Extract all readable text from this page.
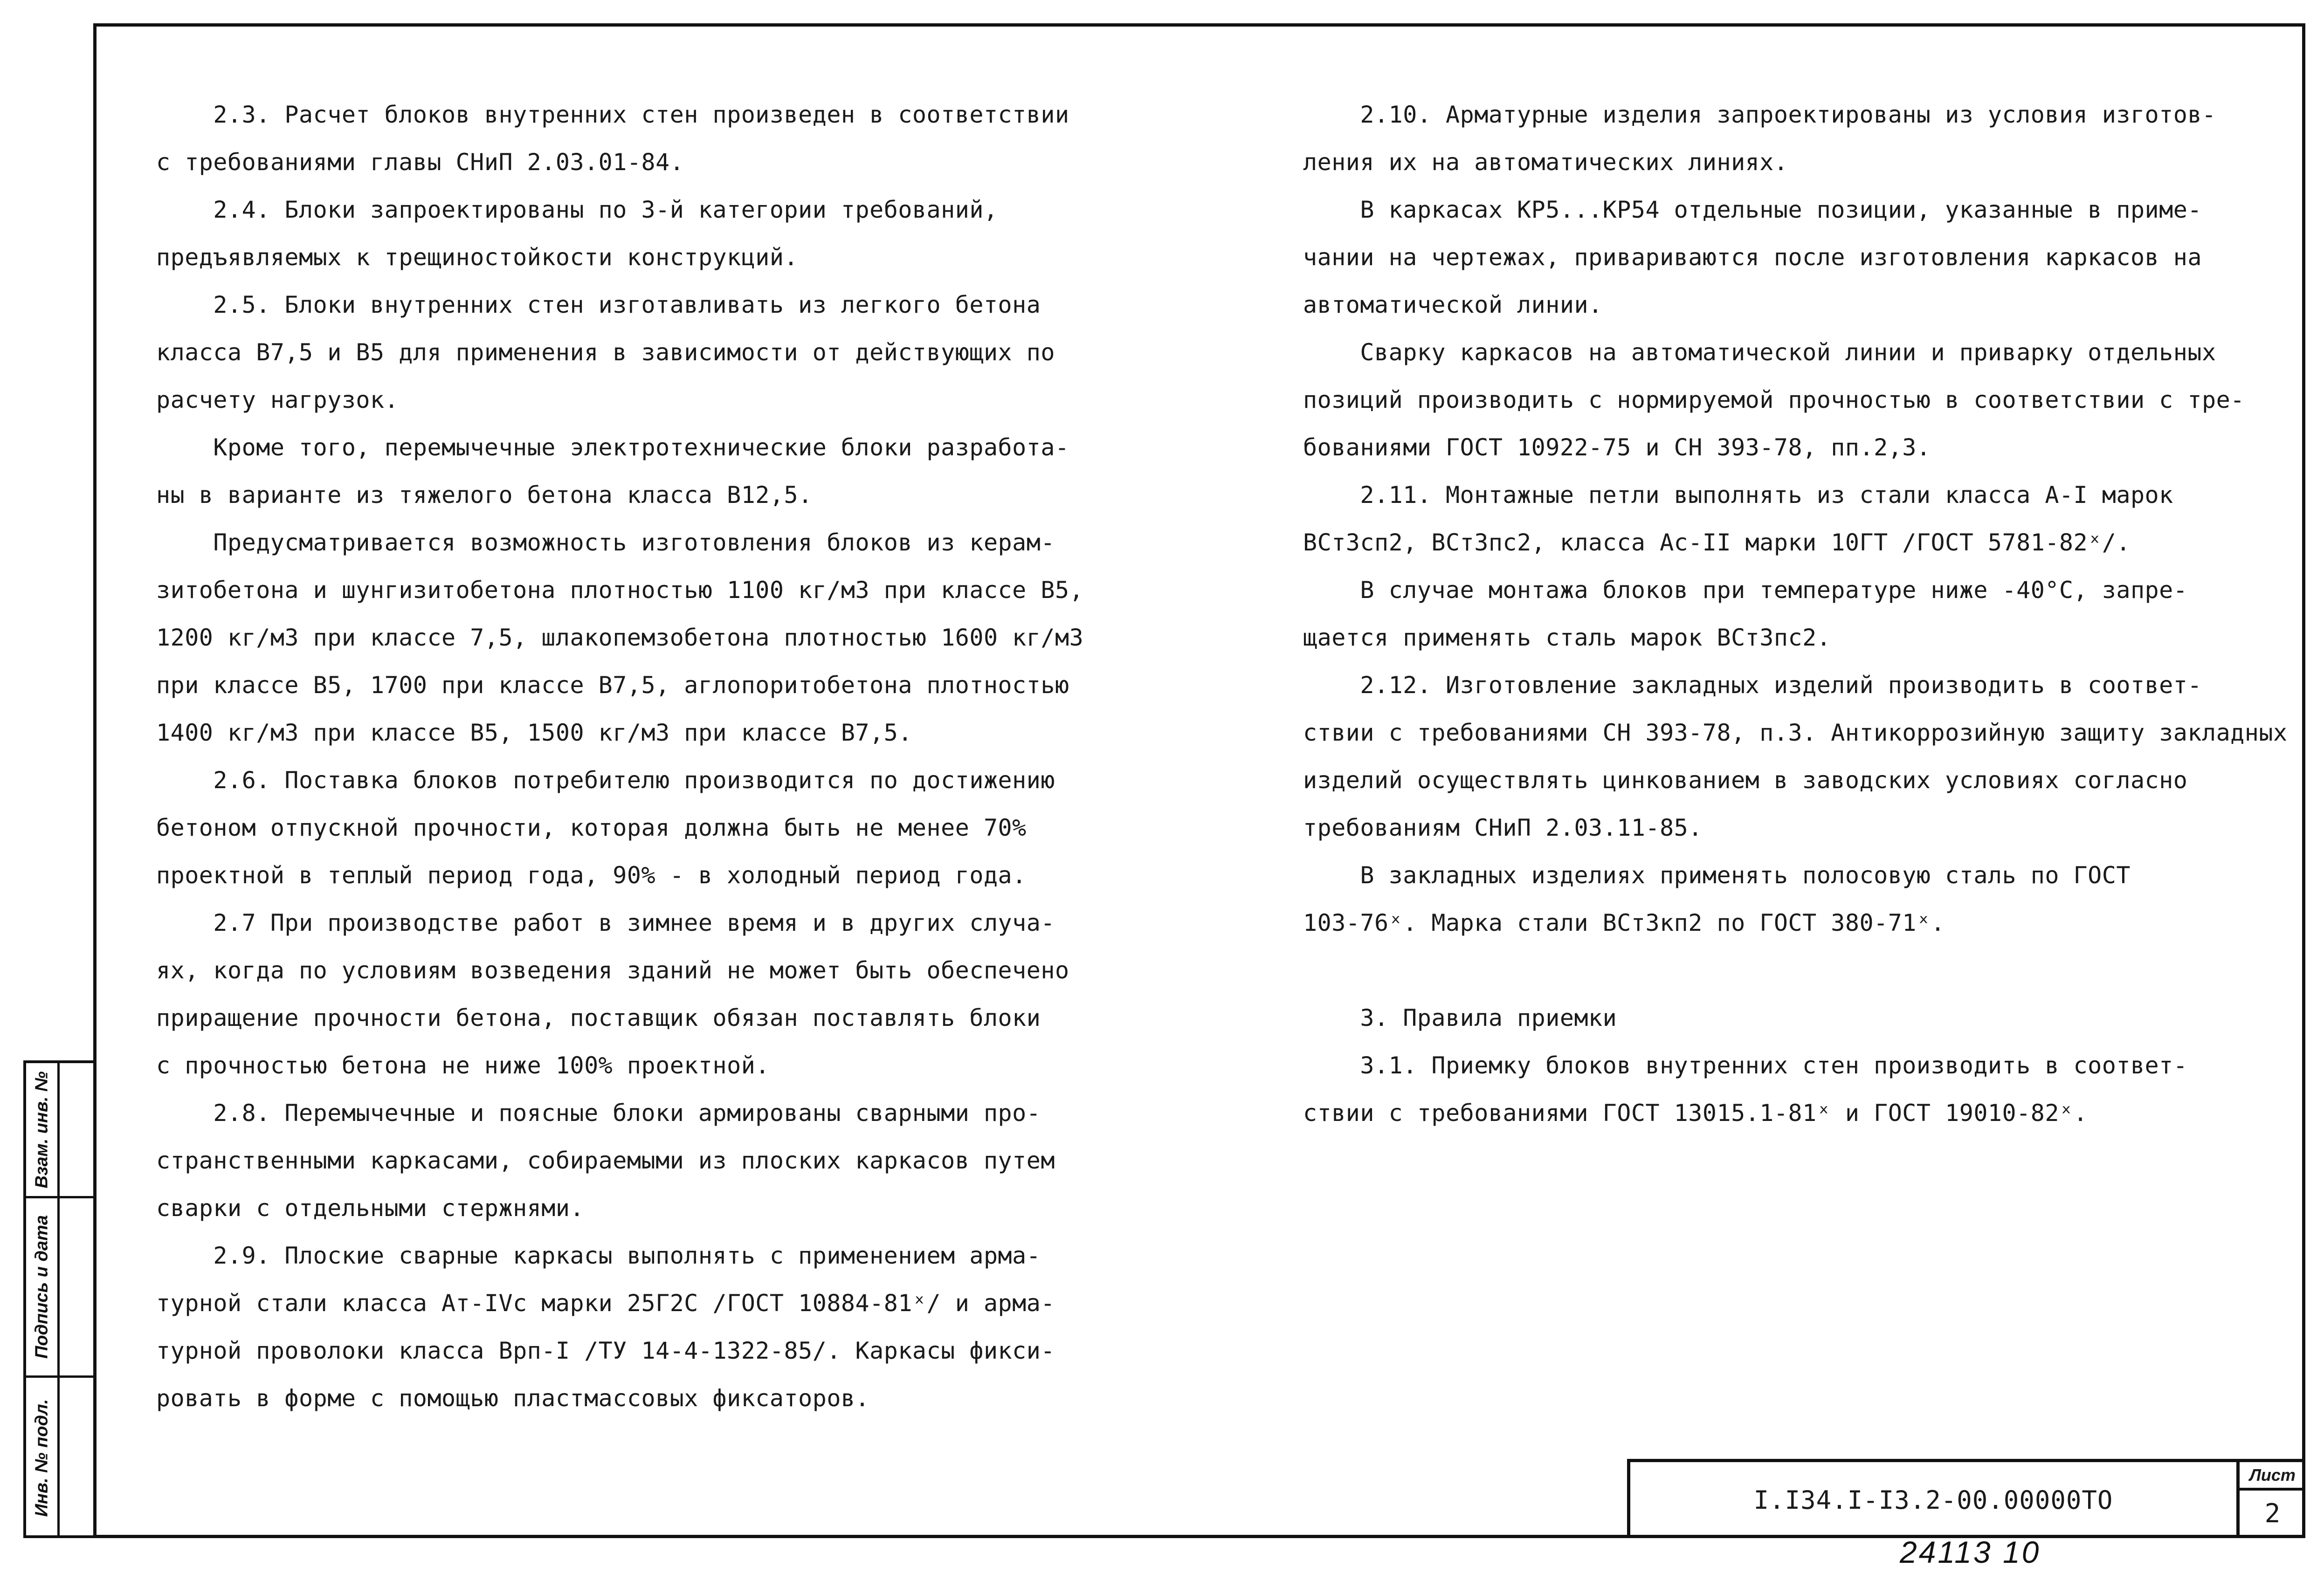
2.3. Расчет блоков внутренних стен произведен в соответствии
с требованиями главы СНиП 2.03.01-84.
2.4. Блоки запроектированы по 3-й категории требований,
предъявляемых к трещиностойкости конструкций.
2.5. Блоки внутренних стен изготавливать из легкого бетона
класса В7,5 и В5 для применения в зависимости от действующих по
расчету нагрузок.
Кроме того, перемычечные электротехнические блоки разработа-
ны в варианте из тяжелого бетона класса В12,5.
Предусматривается возможность изготовления блоков из керам-
зитобетона и шунгизитобетона плотностью 1100 кг/м3 при классе В5,
1200 кг/м3 при классе 7,5, шлакопемзобетона плотностью 1600 кг/м3
при классе В5, 1700 при классе В7,5, аглопоритобетона плотностью
1400 кг/м3 при классе В5, 1500 кг/м3 при классе В7,5.
2.6. Поставка блоков потребителю производится по достижению
бетоном отпускной прочности, которая должна быть не менее 70%
проектной в теплый период года, 90% - в холодный период года.
2.7 При производстве работ в зимнее время и в других случа-
ях, когда по условиям возведения зданий не может быть обеспечено
приращение прочности бетона, поставщик обязан поставлять блоки
с прочностью бетона не ниже 100% проектной.
2.8. Перемычечные и поясные блоки армированы сварными про-
странственными каркасами, собираемыми из плоских каркасов путем
сварки с отдельными стержнями.
2.9. Плоские сварные каркасы выполнять с применением арма-
турной стали класса Ат-IVс марки 25Г2С /ГОСТ 10884-81ˣ/ и арма-
турной проволоки класса Врп-I /ТУ 14-4-1322-85/. Каркасы фикси-
ровать в форме с помощью пластмассовых фиксаторов.
2.10. Арматурные изделия запроектированы из условия изготов-
ления их на автоматических линиях.
В каркасах КР5...КР54 отдельные позиции, указанные в приме-
чании на чертежах, привариваются после изготовления каркасов на
автоматической линии.
Сварку каркасов на автоматической линии и приварку отдельных
позиций производить с нормируемой прочностью в соответствии с тре-
бованиями ГОСТ 10922-75 и СН 393-78, пп.2,3.
2.11. Монтажные петли выполнять из стали класса А-I марок
ВСт3сп2, ВСт3пс2, класса Ас-II марки 10ГТ /ГОСТ 5781-82ˣ/.
В случае монтажа блоков при температуре ниже -40°С, запре-
щается применять сталь марок ВСт3пс2.
2.12. Изготовление закладных изделий производить в соответ-
ствии с требованиями СН 393-78, п.3. Антикоррозийную защиту закладных
изделий осуществлять цинкованием в заводских условиях согласно
требованиям СНиП 2.03.11-85.
В закладных изделиях применять полосовую сталь по ГОСТ
103-76ˣ. Марка стали ВСт3кп2 по ГОСТ 380-71ˣ.
3. Правила приемки
3.1. Приемку блоков внутренних стен производить в соответ-
ствии с требованиями ГОСТ 13015.1-81ˣ и ГОСТ 19010-82ˣ.
Взам. инв. №
Подпись и дата
Инв. № подл.	I.I34.I-I3.2-00.00000ТО
Лист
2
24113 10
